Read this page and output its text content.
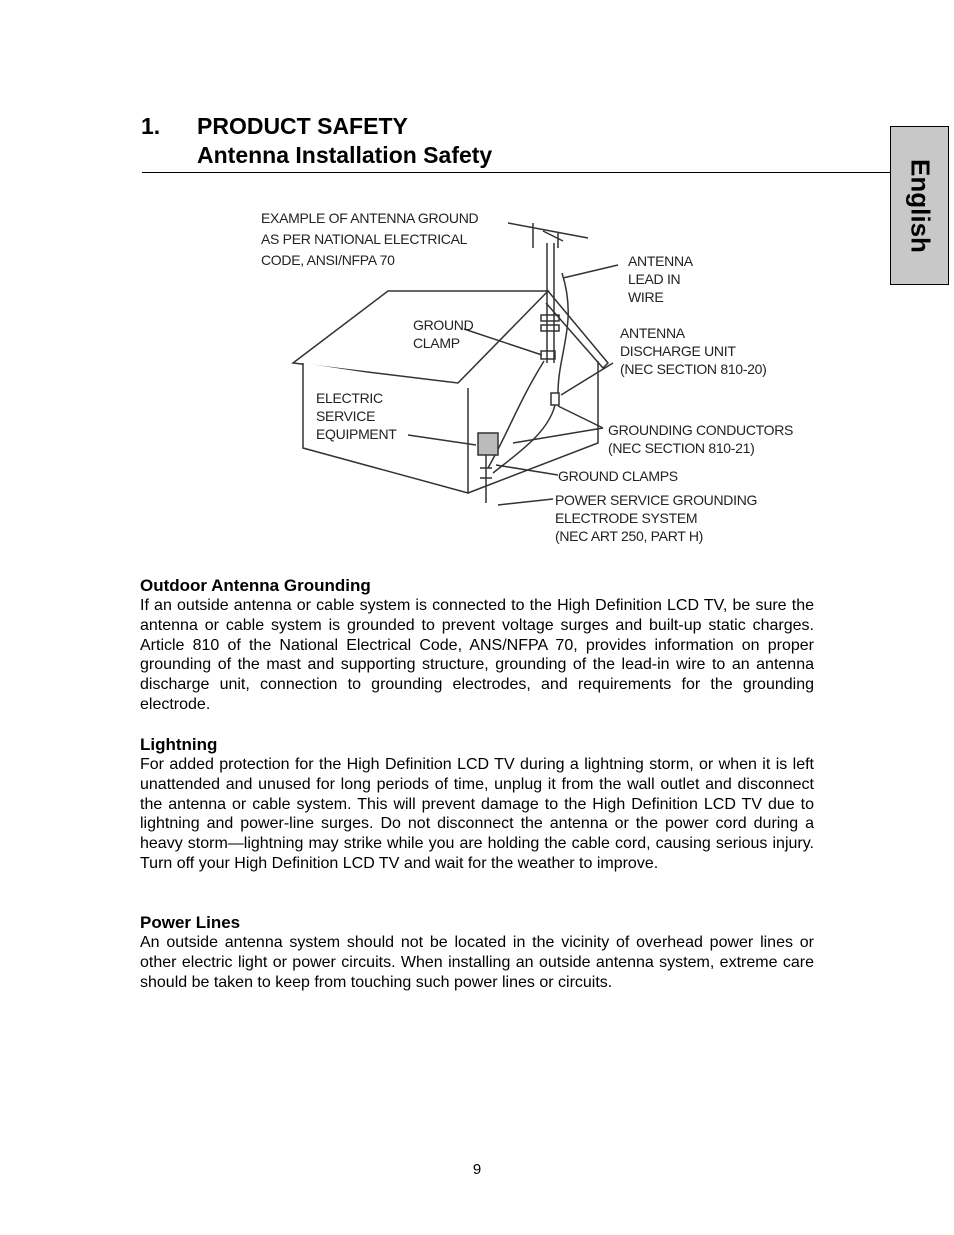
1. PRODUCT SAFETY
Antenna Installation Safety
English
EXAMPLE OF ANTENNA GROUND
AS PER NATIONAL ELECTRICAL
CODE, ANSI/NFPA 70	ANTENNA
LEAD IN
WIRE
GROUND
CLAMP
ANTENNA
DISCHARGE UNIT
(NEC SECTION 810-20)
ELECTRIC
SERVICE
EQUIPMENT	GROUNDING CONDUCTORS
(NEC SECTION 810-21)
GROUND CLAMPS
POWER SERVICE GROUNDING
ELECTRODE SYSTEM
(NEC ART 250, PART H)
Outdoor Antenna Grounding

If an outside antenna or cable system is connected to the High Definition LCD TV, be sure the antenna or cable system is grounded to prevent voltage surges and built-up static charges. Article 810 of the National Electrical Code, ANS/NFPA 70, provides information on proper grounding of the mast and supporting structure, grounding of the lead-in wire to an antenna discharge unit, connection to grounding electrodes, and requirements for the grounding electrode.

Lightning

For added protection for the High Definition LCD TV during a lightning storm, or when it is left unattended and unused for long periods of time, unplug it from the wall outlet and disconnect the antenna or cable system. This will prevent damage to the High Definition LCD TV due to lightning and power-line surges. Do not disconnect the antenna or the power cord during a heavy storm—lightning may strike while you are holding the cable cord, causing serious injury. Turn off your High Definition LCD TV and wait for the weather to improve.

Power Lines

An outside antenna system should not be located in the vicinity of overhead power lines or other electric light or power circuits. When installing an outside antenna system, extreme care should be taken to keep from touching such power lines or circuits.

9
